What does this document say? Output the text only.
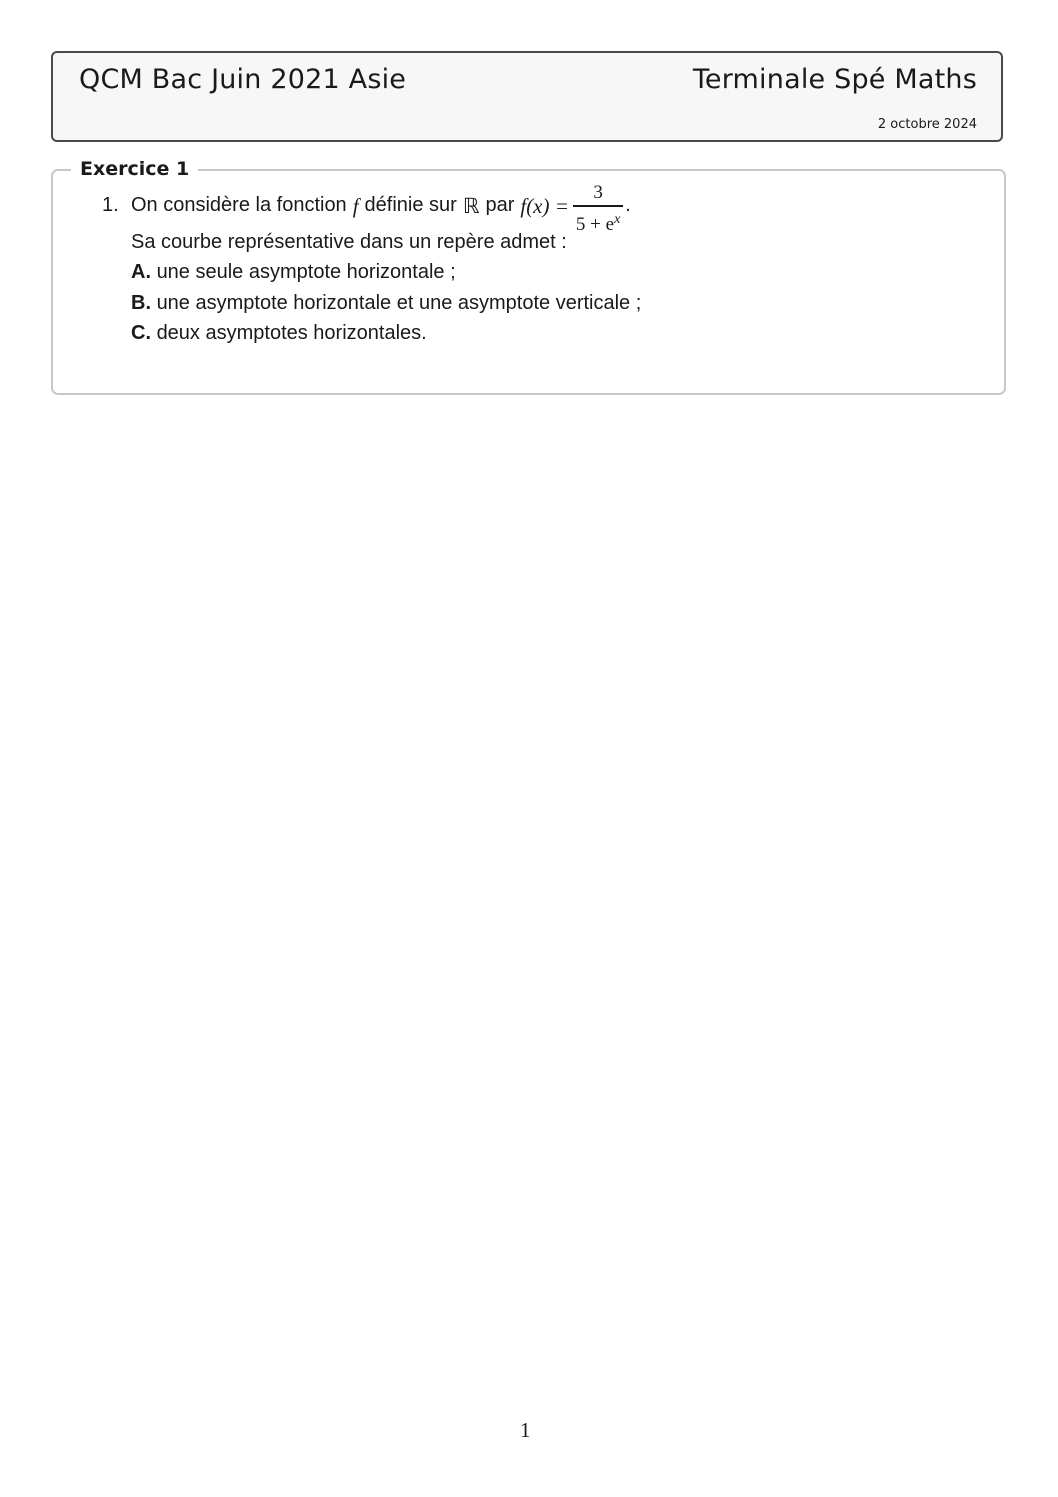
QCM Bac Juin 2021 Asie	Terminale Spé Maths
2 octobre 2024
Exercice 1
1. On considère la fonction f définie sur ℝ par $f(x) = \frac{3}{5 + e^x}$ .
Sa courbe représentative dans un repère admet :
A. une seule asymptote horizontale ;
B. une asymptote horizontale et une asymptote verticale ;
C. deux asymptotes horizontales.
1
